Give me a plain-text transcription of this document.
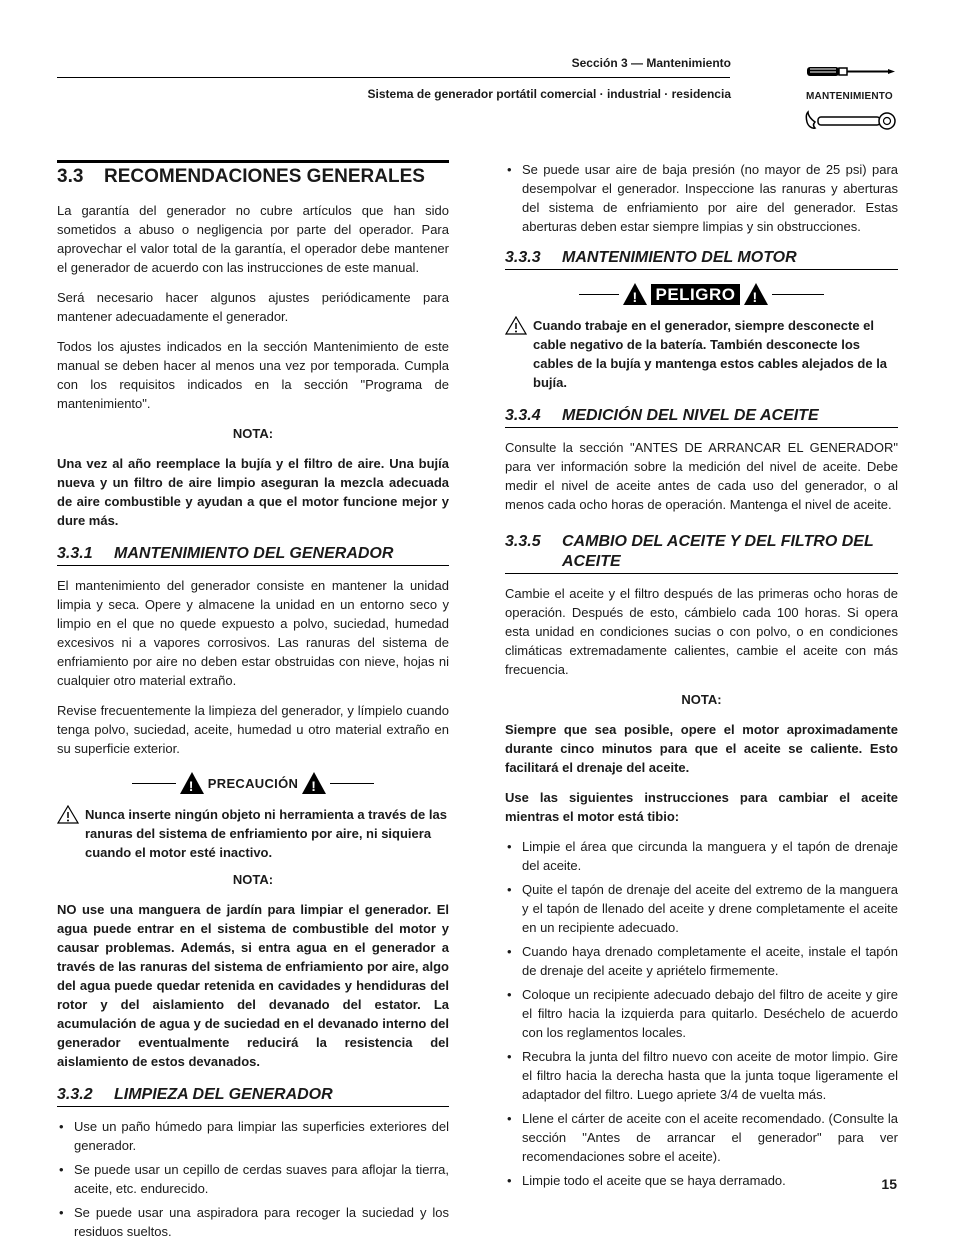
Sección 3 — Mantenimiento
Sistema de generador portátil comercial · industrial · residencia	MANTENIMIENTO
3.3 RECOMENDACIONES GENERALES

La garantía del generador no cubre artículos que han sido sometidos a abuso o negligencia por parte del operador. Para aprovechar el valor total de la garantía, el operador debe mantener el generador de acuerdo con las instrucciones de este manual.

Será necesario hacer algunos ajustes periódicamente para mantener adecuadamente el generador.

Todos los ajustes indicados en la sección Mantenimiento de este manual se deben hacer al menos una vez por temporada. Cumpla con los requisitos indicados en la sección "Programa de mantenimiento".

NOTA:

Una vez al año reemplace la bujía y el filtro de aire. Una bujía nueva y un filtro de aire limpio aseguran la mezcla adecuada de aire combustible y ayudan a que el motor funcione mejor y dure más.

3.3.1 MANTENIMIENTO DEL GENERADOR

El mantenimiento del generador consiste en mantener la unidad limpia y seca. Opere y almacene la unidad en un entorno seco y limpio en el que no quede expuesto a polvo, suciedad, humedad excesivos ni a vapores corrosivos. Las ranuras del sistema de enfriamiento por aire no deben estar obstruidas con nieve, hojas ni cualquier otro material extraño.

Revise frecuentemente la limpieza del generador, y límpielo cuando tenga polvo, suciedad, aceite, humedad u otro material extraño en su superficie exterior.

!
PRECAUCIÓN
!
Nunca inserte ningún objeto ni herramienta a través de las ranuras del sistema de enfriamiento por aire, ni siquiera cuando el motor esté inactivo.

NOTA:

NO use una manguera de jardín para limpiar el generador. El agua puede entrar en el sistema de combustible del motor y causar problemas. Además, si entra agua en el generador a través de las ranuras del sistema de enfriamiento por aire, algo del agua puede quedar retenida en cavidades y hendiduras del rotor y del aislamiento del devanado del estator. La acumulación de agua y de suciedad en el devanado interno del generador eventualmente reducirá la resistencia del aislamiento de estos devanados.

3.3.2 LIMPIEZA DEL GENERADOR
• Use un paño húmedo para limpiar las superficies exteriores del generador.
• Se puede usar un cepillo de cerdas suaves para aflojar la tierra, aceite, etc. endurecido.
• Se puede usar una aspiradora para recoger la suciedad y los residuos sueltos.
• Se puede usar aire de baja presión (no mayor de 25 psi) para desempolvar el generador. Inspeccione las ranuras y aberturas del sistema de enfriamiento por aire del generador. Estas aberturas deben estar siempre limpias y sin obstrucciones.
3.3.3 MANTENIMIENTO DEL MOTOR
!
PELIGRO
!
Cuando trabaje en el generador, siempre desconecte el cable negativo de la batería. También desconecte los cables de la bujía y mantenga estos cables alejados de la bujía.
3.3.4 MEDICIÓN DEL NIVEL DE ACEITE

Consulte la sección "ANTES DE ARRANCAR EL GENERADOR" para ver información sobre la medición del nivel de aceite. Debe medir el nivel de aceite antes de cada uso del generador, o al menos cada ocho horas de operación. Mantenga el nivel de aceite.

3.3.5 CAMBIO DEL ACEITE Y DEL FILTRO DEL
ACEITE

Cambie el aceite y el filtro después de las primeras ocho horas de operación. Después de esto, cámbielo cada 100 horas. Si opera esta unidad en condiciones sucias o con polvo, o en condiciones climáticas extremadamente calientes, cambie el aceite con más frecuencia.

NOTA:

Siempre que sea posible, opere el motor aproximadamente durante cinco minutos para que el aceite se caliente. Esto facilitará el drenaje del aceite.

Use las siguientes instrucciones para cambiar el aceite mientras el motor está tibio:

• Limpie el área que circunda la manguera y el tapón de drenaje del aceite.
• Quite el tapón de drenaje del aceite del extremo de la manguera y el tapón de llenado del aceite y drene completamente el aceite en un recipiente adecuado.
• Cuando haya drenado completamente el aceite, instale el tapón de drenaje del aceite y apriételo firmemente.
• Coloque un recipiente adecuado debajo del filtro de aceite y gire el filtro hacia la izquierda para quitarlo. Deséchelo de acuerdo con los reglamentos locales.
• Recubra la junta del filtro nuevo con aceite de motor limpio. Gire el filtro hacia la derecha hasta que la junta toque ligeramente el adaptador del filtro. Luego apriete 3/4 de vuelta más.
• Llene el cárter de aceite con el aceite recomendado. (Consulte la sección "Antes de arrancar el generador" para ver recomendaciones sobre el aceite).
• Limpie todo el aceite que se haya derramado.	15
